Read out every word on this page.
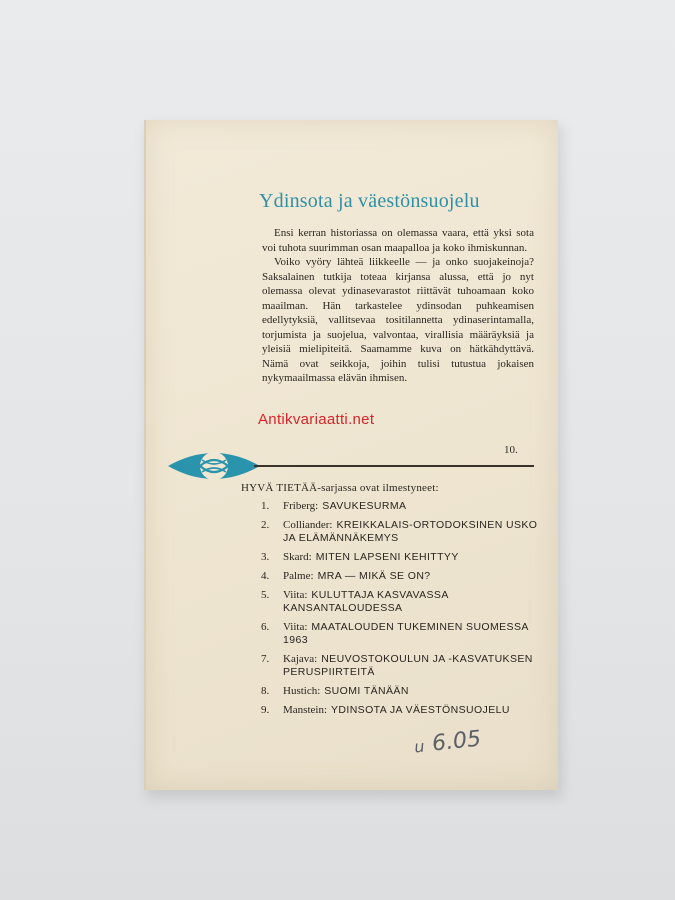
Ydinsota ja väestönsuojelu

Ensi kerran historiassa on olemassa vaara, että yksi sota voi tuhota suurimman osan maapalloa ja koko ihmiskunnan.

Voiko vyöry lähteä liikkeelle — ja onko suojakeinoja? Saksalainen tutkija toteaa kirjansa alussa, että jo nyt olemassa olevat ydinasevarastot riittävät tuhoamaan koko maailman. Hän tarkastelee ydinsodan puhkeamisen edellytyksiä, vallitsevaa tositilannetta ydinaserintamalla, torjumista ja suojelua, valvontaa, virallisia määräyksiä ja yleisiä mielipiteitä. Saamamme kuva on hätkähdyttävä. Nämä ovat seikkoja, joihin tulisi tutustua jokaisen nykymaailmassa elävän ihmisen.

Antikvariaatti.net
10.
HYVÄ TIETÄÄ-sarjassa ovat ilmestyneet:
1. Friberg: SAVUKESURMA
2. Colliander: KREIKKALAIS-ORTODOKSINEN USKO JA ELÄMÄNNÄKEMYS
3. Skard: MITEN LAPSENI KEHITTYY
4. Palme: MRA — MIKÄ SE ON?
5. Viita: KULUTTAJA KASVAVASSA KANSANTALOUDESSA
6. Viita: MAATALOUDEN TUKEMINEN SUOMESSA 1963
7. Kajava: NEUVOSTOKOULUN JA -KASVATUKSEN PERUSPIIRTEITÄ
8. Hustich: SUOMI TÄNÄÄN
9. Manstein: YDINSOTA JA VÄESTÖNSUOJELU
u 6.05
